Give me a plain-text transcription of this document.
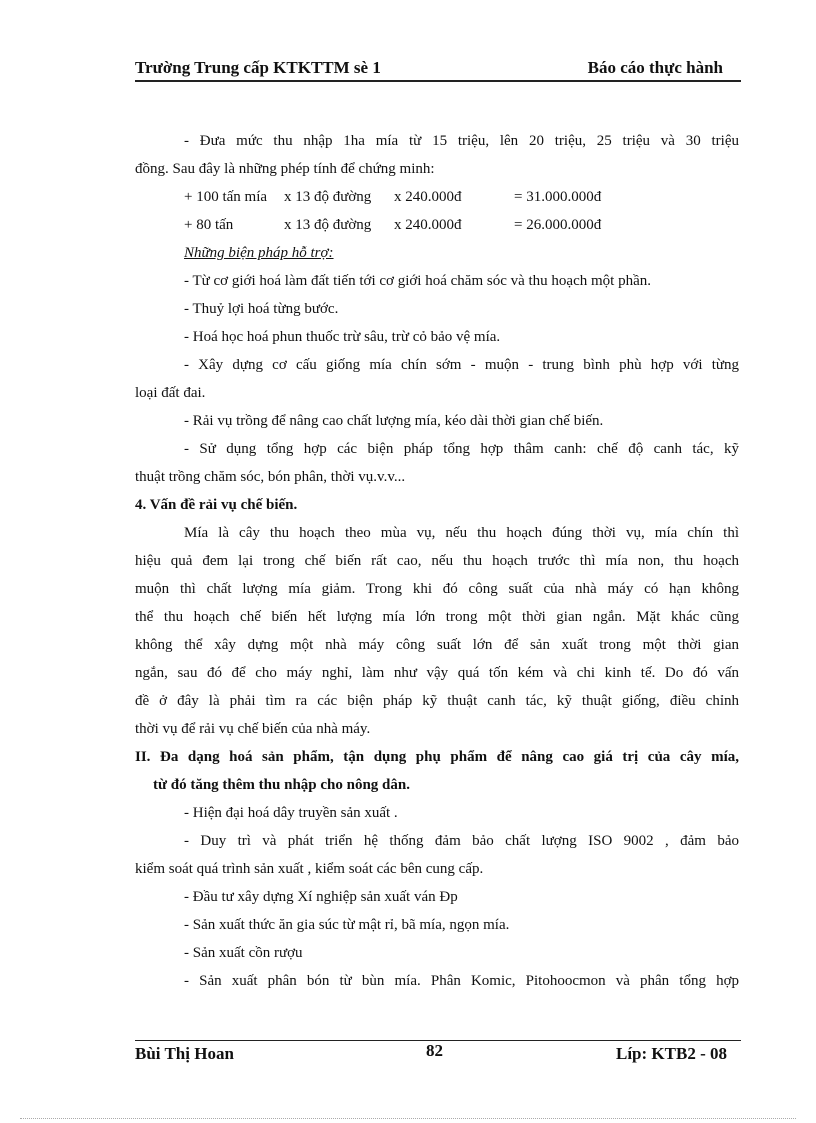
Trường Trung cấp KTKTTM sè 1	Báo cáo thực hành

- Đưa mức thu nhập 1ha mía từ 15 triệu, lên 20 triệu, 25 triệu và 30 triệu

đồng. Sau đây là những phép tính để chứng minh:

+ 100 tấn mía x 13 độ đường x 240.000đ	= 31.000.000đ

+ 80 tấn	x 13 độ đường x 240.000đ	= 26.000.000đ

Những biện pháp hỗ trợ:

- Từ cơ giới hoá làm đất tiến tới cơ giới hoá chăm sóc và thu hoạch một phần.

- Thuỷ lợi hoá từng bước.

- Hoá học hoá phun thuốc trừ sâu, trừ cỏ bảo vệ mía.

- Xây dựng cơ cấu giống mía chín sớm - muộn - trung bình phù hợp với từng

loại đất đai.

- Rải vụ trồng để nâng cao chất lượng mía, kéo dài thời gian chế biến.

- Sử dụng tổng hợp các biện pháp tổng hợp thâm canh: chế độ canh tác, kỹ

thuật trồng chăm sóc, bón phân, thời vụ.v.v...

4. Vấn đề rải vụ chế biến.

Mía là cây thu hoạch theo mùa vụ, nếu thu hoạch đúng thời vụ, mía chín thì

hiệu quả đem lại trong chế biến rất cao, nếu thu hoạch trước thì mía non, thu hoạch

muộn thì chất lượng mía giảm. Trong khi đó công suất của nhà máy có hạn không

thể thu hoạch chế biến hết lượng mía lớn trong một thời gian ngắn. Mặt khác cũng

không thể xây dựng một nhà máy công suất lớn để sản xuất trong một thời gian

ngắn, sau đó để cho máy nghỉ, làm như vậy quá tốn kém và chi kinh tế. Do đó vấn

đề ở đây là phải tìm ra các biện pháp kỹ thuật canh tác, kỹ thuật giống, điều chỉnh

thời vụ để rải vụ chế biến của nhà máy.

II. Đa dạng hoá sản phẩm, tận dụng phụ phẩm để nâng cao giá trị của cây mía,

từ đó tăng thêm thu nhập cho nông dân.

- Hiện đại hoá dây truyền sản xuất .

- Duy trì và phát triển hệ thống đảm bảo chất lượng ISO 9002 , đảm bảo

kiểm soát quá trình sản xuất , kiểm soát các bên cung cấp.

- Đầu tư xây dựng Xí nghiệp sản xuất ván Ðp

- Sản xuất thức ăn gia súc từ mật rỉ, bã mía, ngọn mía.

- Sản xuất cồn rượu

- Sản xuất phân bón từ bùn mía. Phân Komic, Pitohoocmon và phân tổng hợp

Bùi Thị Hoan	82	Líp: KTB2 - 08
